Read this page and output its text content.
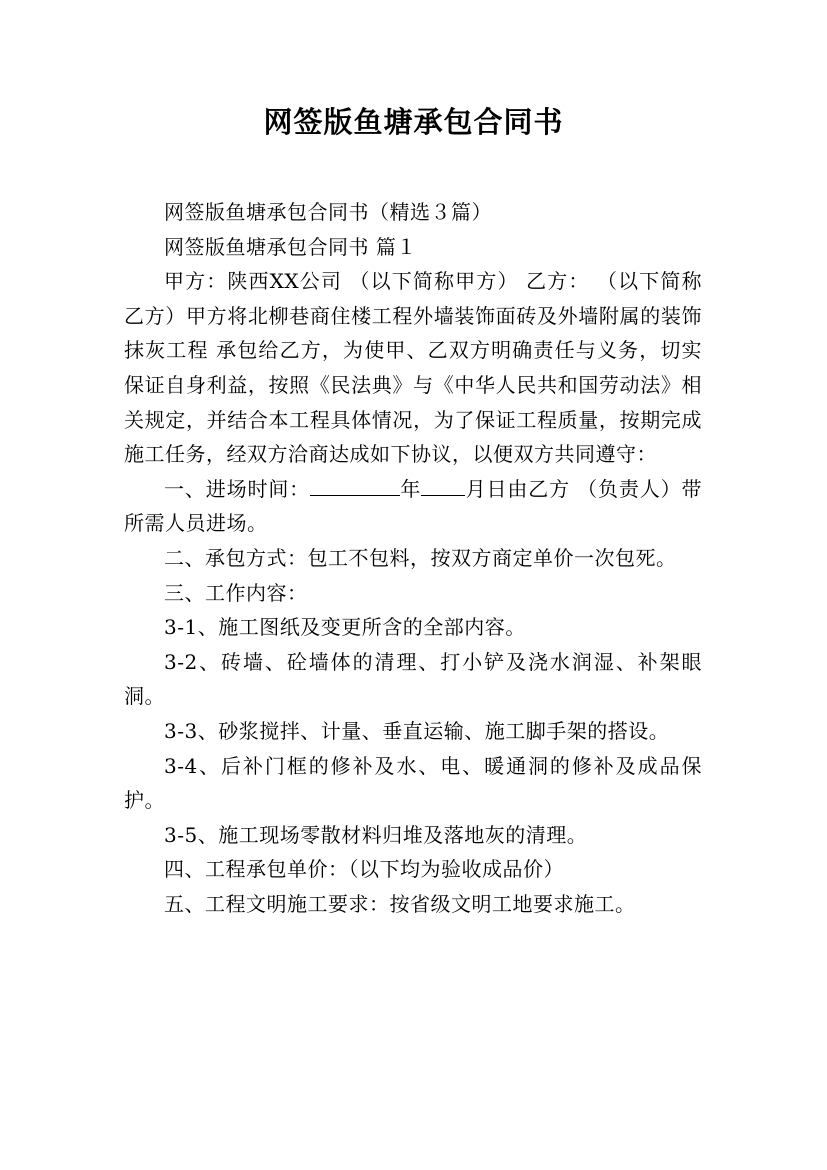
网签版鱼塘承包合同书

网签版鱼塘承包合同书（精选３篇）

网签版鱼塘承包合同书 篇１

甲方：陕西XX公司 （以下简称甲方） 乙方： （以下简称乙方）甲方将北柳巷商住楼工程外墙装饰面砖及外墙附属的装饰抹灰工程 承包给乙方，为使甲、乙双方明确责任与义务，切实保证自身利益，按照《民法典》与《中华人民共和国劳动法》相关规定，并结合本工程具体情况，为了保证工程质量，按期完成施工任务，经双方洽商达成如下协议，以便双方共同遵守：

一、进场时间：	年 月日由乙方 （负责人）带所需人员进场。

二、承包方式：包工不包料，按双方商定单价一次包死。

三、工作内容：

3-1、施工图纸及变更所含的全部内容。

3-2、砖墙、砼墙体的清理、打小铲及浇水润湿、补架眼洞。

3-3、砂浆搅拌、计量、垂直运输、施工脚手架的搭设。

3-4、后补门框的修补及水、电、暖通洞的修补及成品保护。

3-5、施工现场零散材料归堆及落地灰的清理。

四、工程承包单价：（以下均为验收成品价）

五、工程文明施工要求：按省级文明工地要求施工。
